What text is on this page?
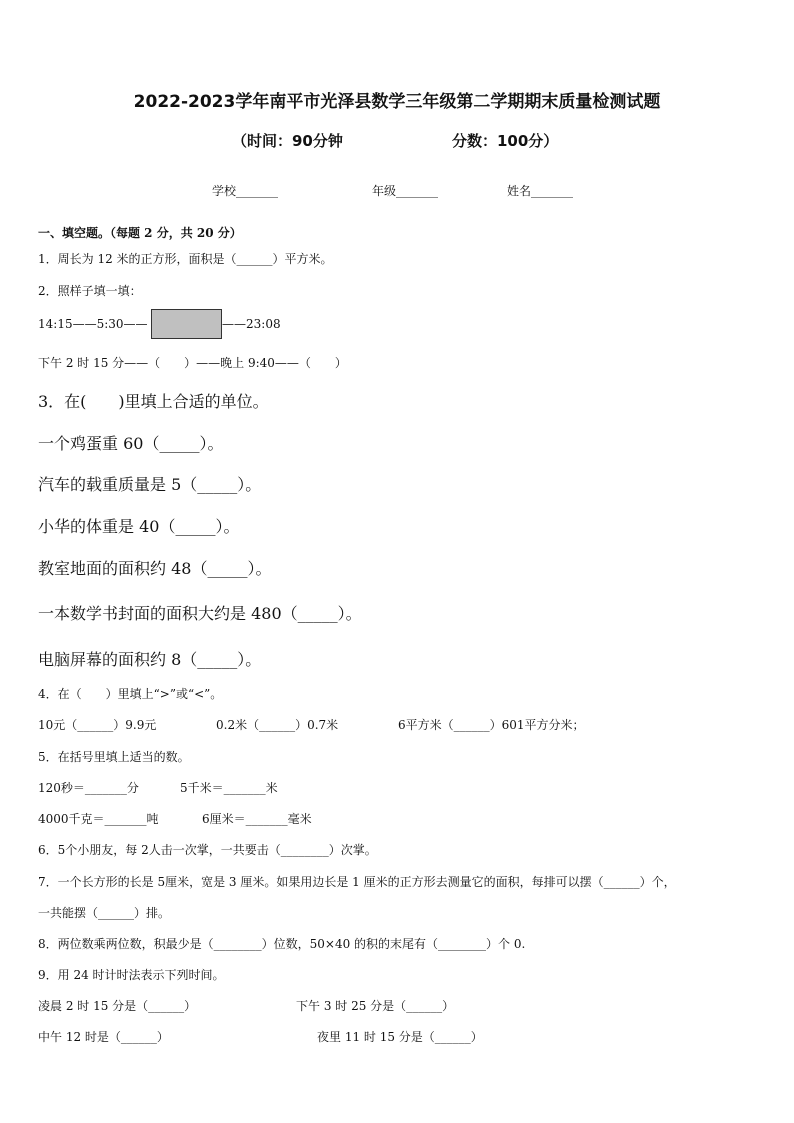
2022-2023学年南平市光泽县数学三年级第二学期期末质量检测试题
（时间：90分钟	分数：100分）
学校_______	年级_______	姓名_______
一、填空题。（每题 2 分，共 20 分）
1．周长为 12 米的正方形，面积是（______）平方米。
2．照样子填一填：
14:15——5:30——	——23:08
下午 2 时 15 分——（　　）——晚上 9:40——（　　）
3．在(　　)里填上合适的单位。
一个鸡蛋重 60（_____）。
汽车的载重质量是 5（_____）。
小华的体重是 40（_____）。
教室地面的面积约 48（_____）。
一本数学书封面的面积大约是 480（_____）。
电脑屏幕的面积约 8（_____）。
4．在（　　）里填上“>”或“<”。
10元（______）9.9元	0.2米（______）0.7米	6平方米（______）601平方分米；
5．在括号里填上适当的数。
120秒＝_______分	5千米＝_______米
4000千克＝_______吨	6厘米＝_______毫米
6．5个小朋友，每 2人击一次掌，一共要击（________）次掌。
7．一个长方形的长是 5厘米，宽是 3 厘米。如果用边长是 1 厘米的正方形去测量它的面积，每排可以摆（______）个，
一共能摆（______）排。
8．两位数乘两位数，积最少是（________）位数，50×40 的积的末尾有（________）个 0.
9．用 24 时计时法表示下列时间。
凌晨 2 时 15 分是（______）	下午 3 时 25 分是（______）
中午 12 时是（______）	夜里 11 时 15 分是（______）
